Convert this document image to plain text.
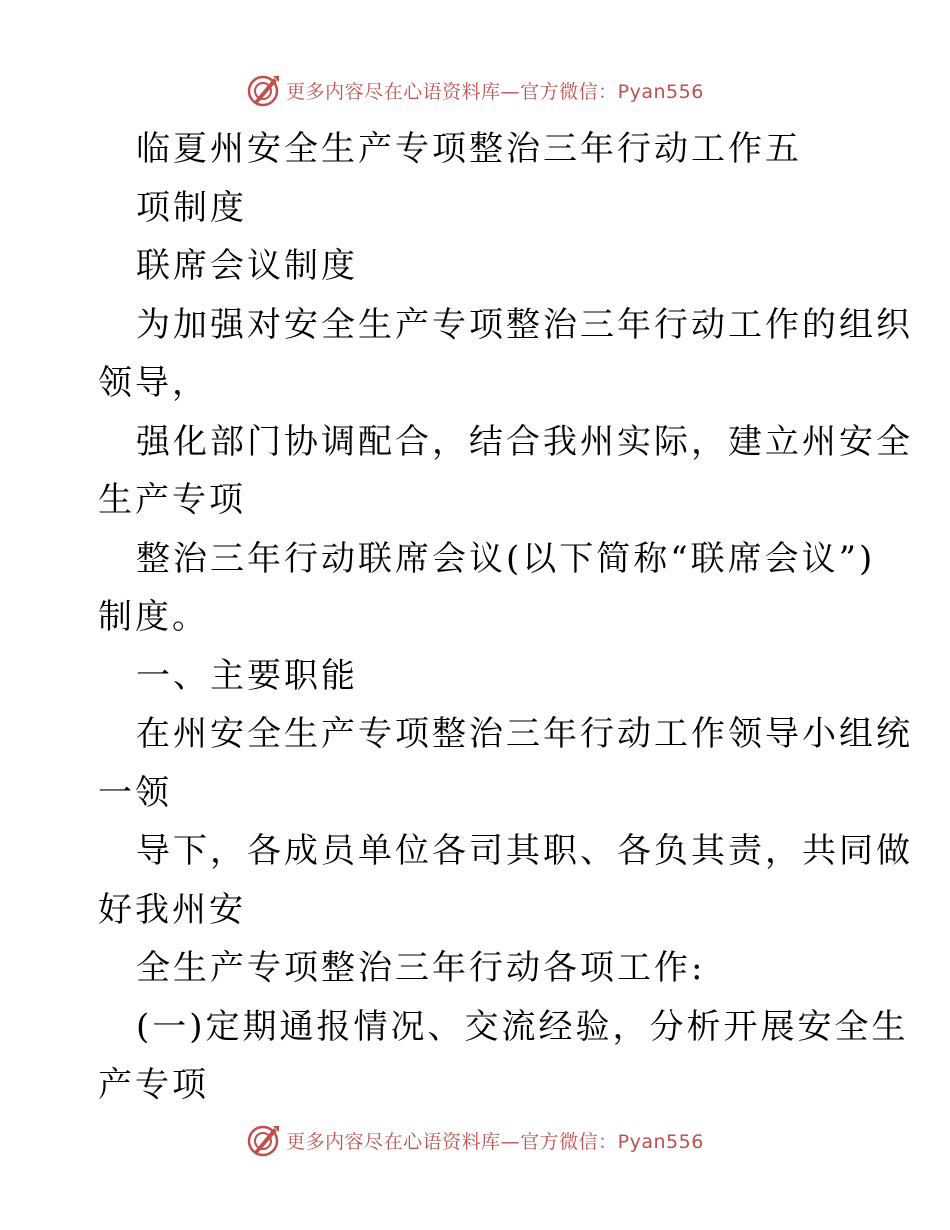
更多内容尽在心语资料库—官方微信：Pyan556
临夏州安全生产专项整治三年行动工作五
项制度
联席会议制度
为加强对安全生产专项整治三年行动工作的组织
领导，
强化部门协调配合，结合我州实际，建立州安全
生产专项
整治三年行动联席会议(以下简称“联席会议”)
制度。
一、主要职能
在州安全生产专项整治三年行动工作领导小组统
一领
导下，各成员单位各司其职、各负其责，共同做
好我州安
全生产专项整治三年行动各项工作:
(一)定期通报情况、交流经验，分析开展安全生
产专项
更多内容尽在心语资料库—官方微信：Pyan556
